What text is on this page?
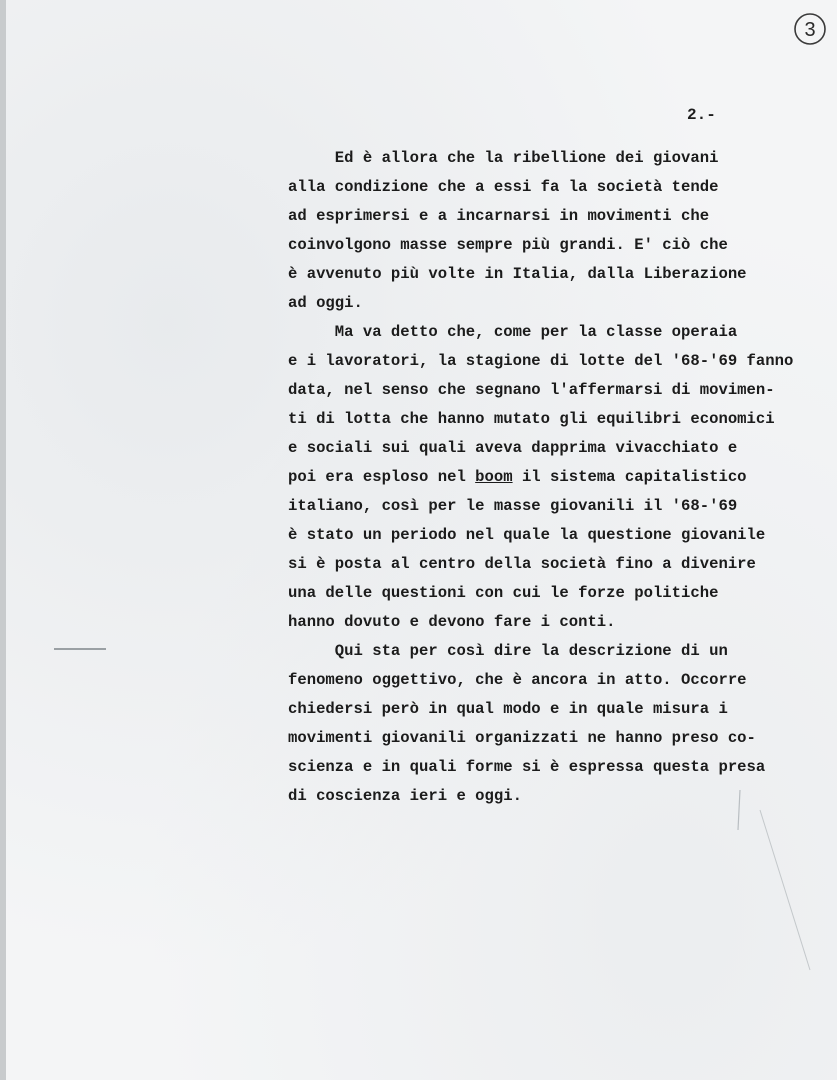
3
2.-
Ed è allora che la ribellione dei giovani
alla condizione che a essi fa la società tende
ad esprimersi e a incarnarsi in movimenti che
coinvolgono masse sempre più grandi. E' ciò che
è avvenuto più volte in Italia, dalla Liberazione
ad oggi.
Ma va detto che, come per la classe operaia
e i lavoratori, la stagione di lotte del '68-'69 fanno
data, nel senso che segnano l'affermarsi di movimen-
ti di lotta che hanno mutato gli equilibri economici
e sociali sui quali aveva dapprima vivacchiato e
poi era esploso nel boom il sistema capitalistico
italiano, così per le masse giovanili il '68-'69
è stato un periodo nel quale la questione giovanile
si è posta al centro della società fino a divenire
una delle questioni con cui le forze politiche
hanno dovuto e devono fare i conti.
Qui sta per così dire la descrizione di un
fenomeno oggettivo, che è ancora in atto. Occorre
chiedersi però in qual modo e in quale misura i
movimenti giovanili organizzati ne hanno preso co-
scienza e in quali forme si è espressa questa presa
di coscienza ieri e oggi.
